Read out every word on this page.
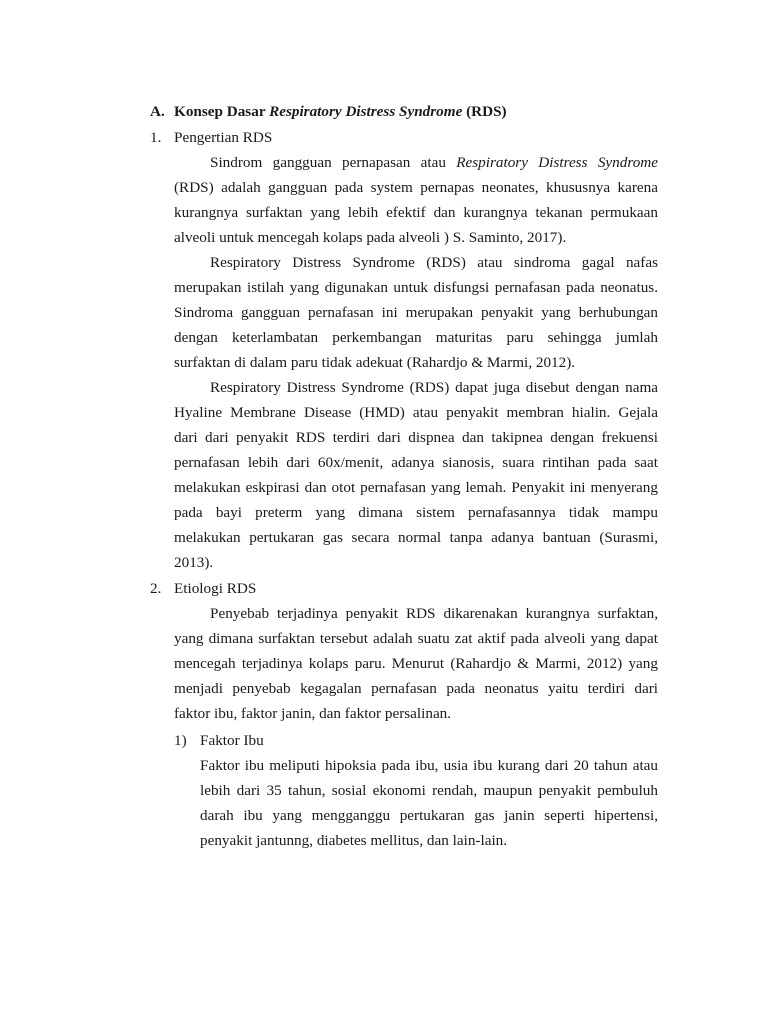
A. Konsep Dasar Respiratory Distress Syndrome (RDS)
1. Pengertian RDS
Sindrom gangguan pernapasan atau Respiratory Distress Syndrome
(RDS) adalah gangguan pada system pernapas neonates, khususnya karena
kurangnya surfaktan yang lebih efektif dan kurangnya tekanan permukaan
alveoli untuk mencegah kolaps pada alveoli ) S. Saminto, 2017).
Respiratory Distress Syndrome (RDS) atau sindroma gagal nafas
merupakan istilah yang digunakan untuk disfungsi pernafasan pada neonatus.
Sindroma gangguan pernafasan ini merupakan penyakit yang berhubungan
dengan keterlambatan perkembangan maturitas paru sehingga jumlah
surfaktan di dalam paru tidak adekuat (Rahardjo & Marmi, 2012).
Respiratory Distress Syndrome (RDS) dapat juga disebut dengan nama
Hyaline Membrane Disease (HMD) atau penyakit membran hialin. Gejala
dari dari penyakit RDS terdiri dari dispnea dan takipnea dengan frekuensi
pernafasan lebih dari 60x/menit, adanya sianosis, suara rintihan pada saat
melakukan eskpirasi dan otot pernafasan yang lemah. Penyakit ini menyerang
pada bayi preterm yang dimana sistem pernafasannya tidak mampu
melakukan pertukaran gas secara normal tanpa adanya bantuan (Surasmi,
2013).
2. Etiologi RDS
Penyebab terjadinya penyakit RDS dikarenakan kurangnya surfaktan,
yang dimana surfaktan tersebut adalah suatu zat aktif pada alveoli yang dapat
mencegah terjadinya kolaps paru. Menurut (Rahardjo & Marmi, 2012) yang
menjadi penyebab kegagalan pernafasan pada neonatus yaitu terdiri dari
faktor ibu, faktor janin, dan faktor persalinan.
1) Faktor Ibu
Faktor ibu meliputi hipoksia pada ibu, usia ibu kurang dari 20 tahun atau
lebih dari 35 tahun, sosial ekonomi rendah, maupun penyakit pembuluh
darah ibu yang mengganggu pertukaran gas janin seperti hipertensi,
penyakit jantunng, diabetes mellitus, dan lain-lain.
